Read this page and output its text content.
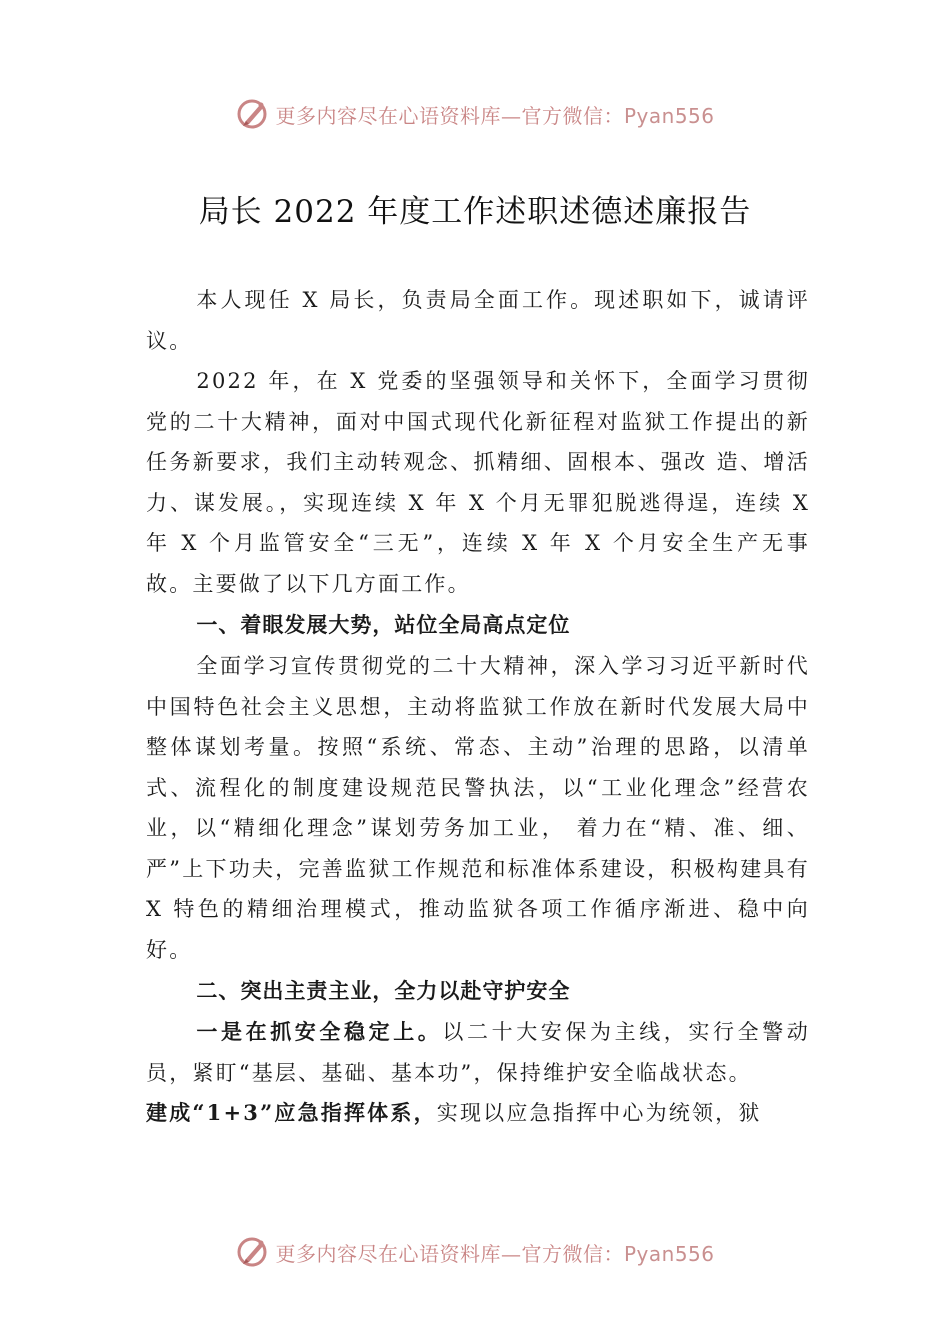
更多内容尽在心语资料库—官方微信：Pyan556
局长 2022 年度工作述职述德述廉报告

本人现任 X 局长，负责局全面工作。现述职如下，诚请评议。

2022 年，在 X 党委的坚强领导和关怀下，全面学习贯彻党的二十大精神，面对中国式现代化新征程对监狱工作提出的新任务新要求，我们主动转观念、抓精细、固根本、强改 造、增活力、谋发展。，实现连续 X 年 X 个月无罪犯脱逃得逞，连续 X 年 X 个月监管安全“三无”，连续 X 年 X 个月安全生产无事故。主要做了以下几方面工作。

一、着眼发展大势，站位全局高点定位

全面学习宣传贯彻党的二十大精神，深入学习习近平新时代中国特色社会主义思想，主动将监狱工作放在新时代发展大局中整体谋划考量。按照“系统、常态、主动”治理的思路，以清单式、流程化的制度建设规范民警执法，以“工业化理念”经营农业，以“精细化理念”谋划劳务加工业， 着力在“精、准、细、严”上下功夫，完善监狱工作规范和标准体系建设，积极构建具有 X 特色的精细治理模式，推动监狱各项工作循序渐进、稳中向好。

二、突出主责主业，全力以赴守护安全

一是在抓安全稳定上。以二十大安保为主线，实行全警动员，紧盯“基层、基础、基本功”，保持维护安全临战状态。

建成“1+3”应急指挥体系，实现以应急指挥中心为统领，狱

更多内容尽在心语资料库—官方微信：Pyan556
